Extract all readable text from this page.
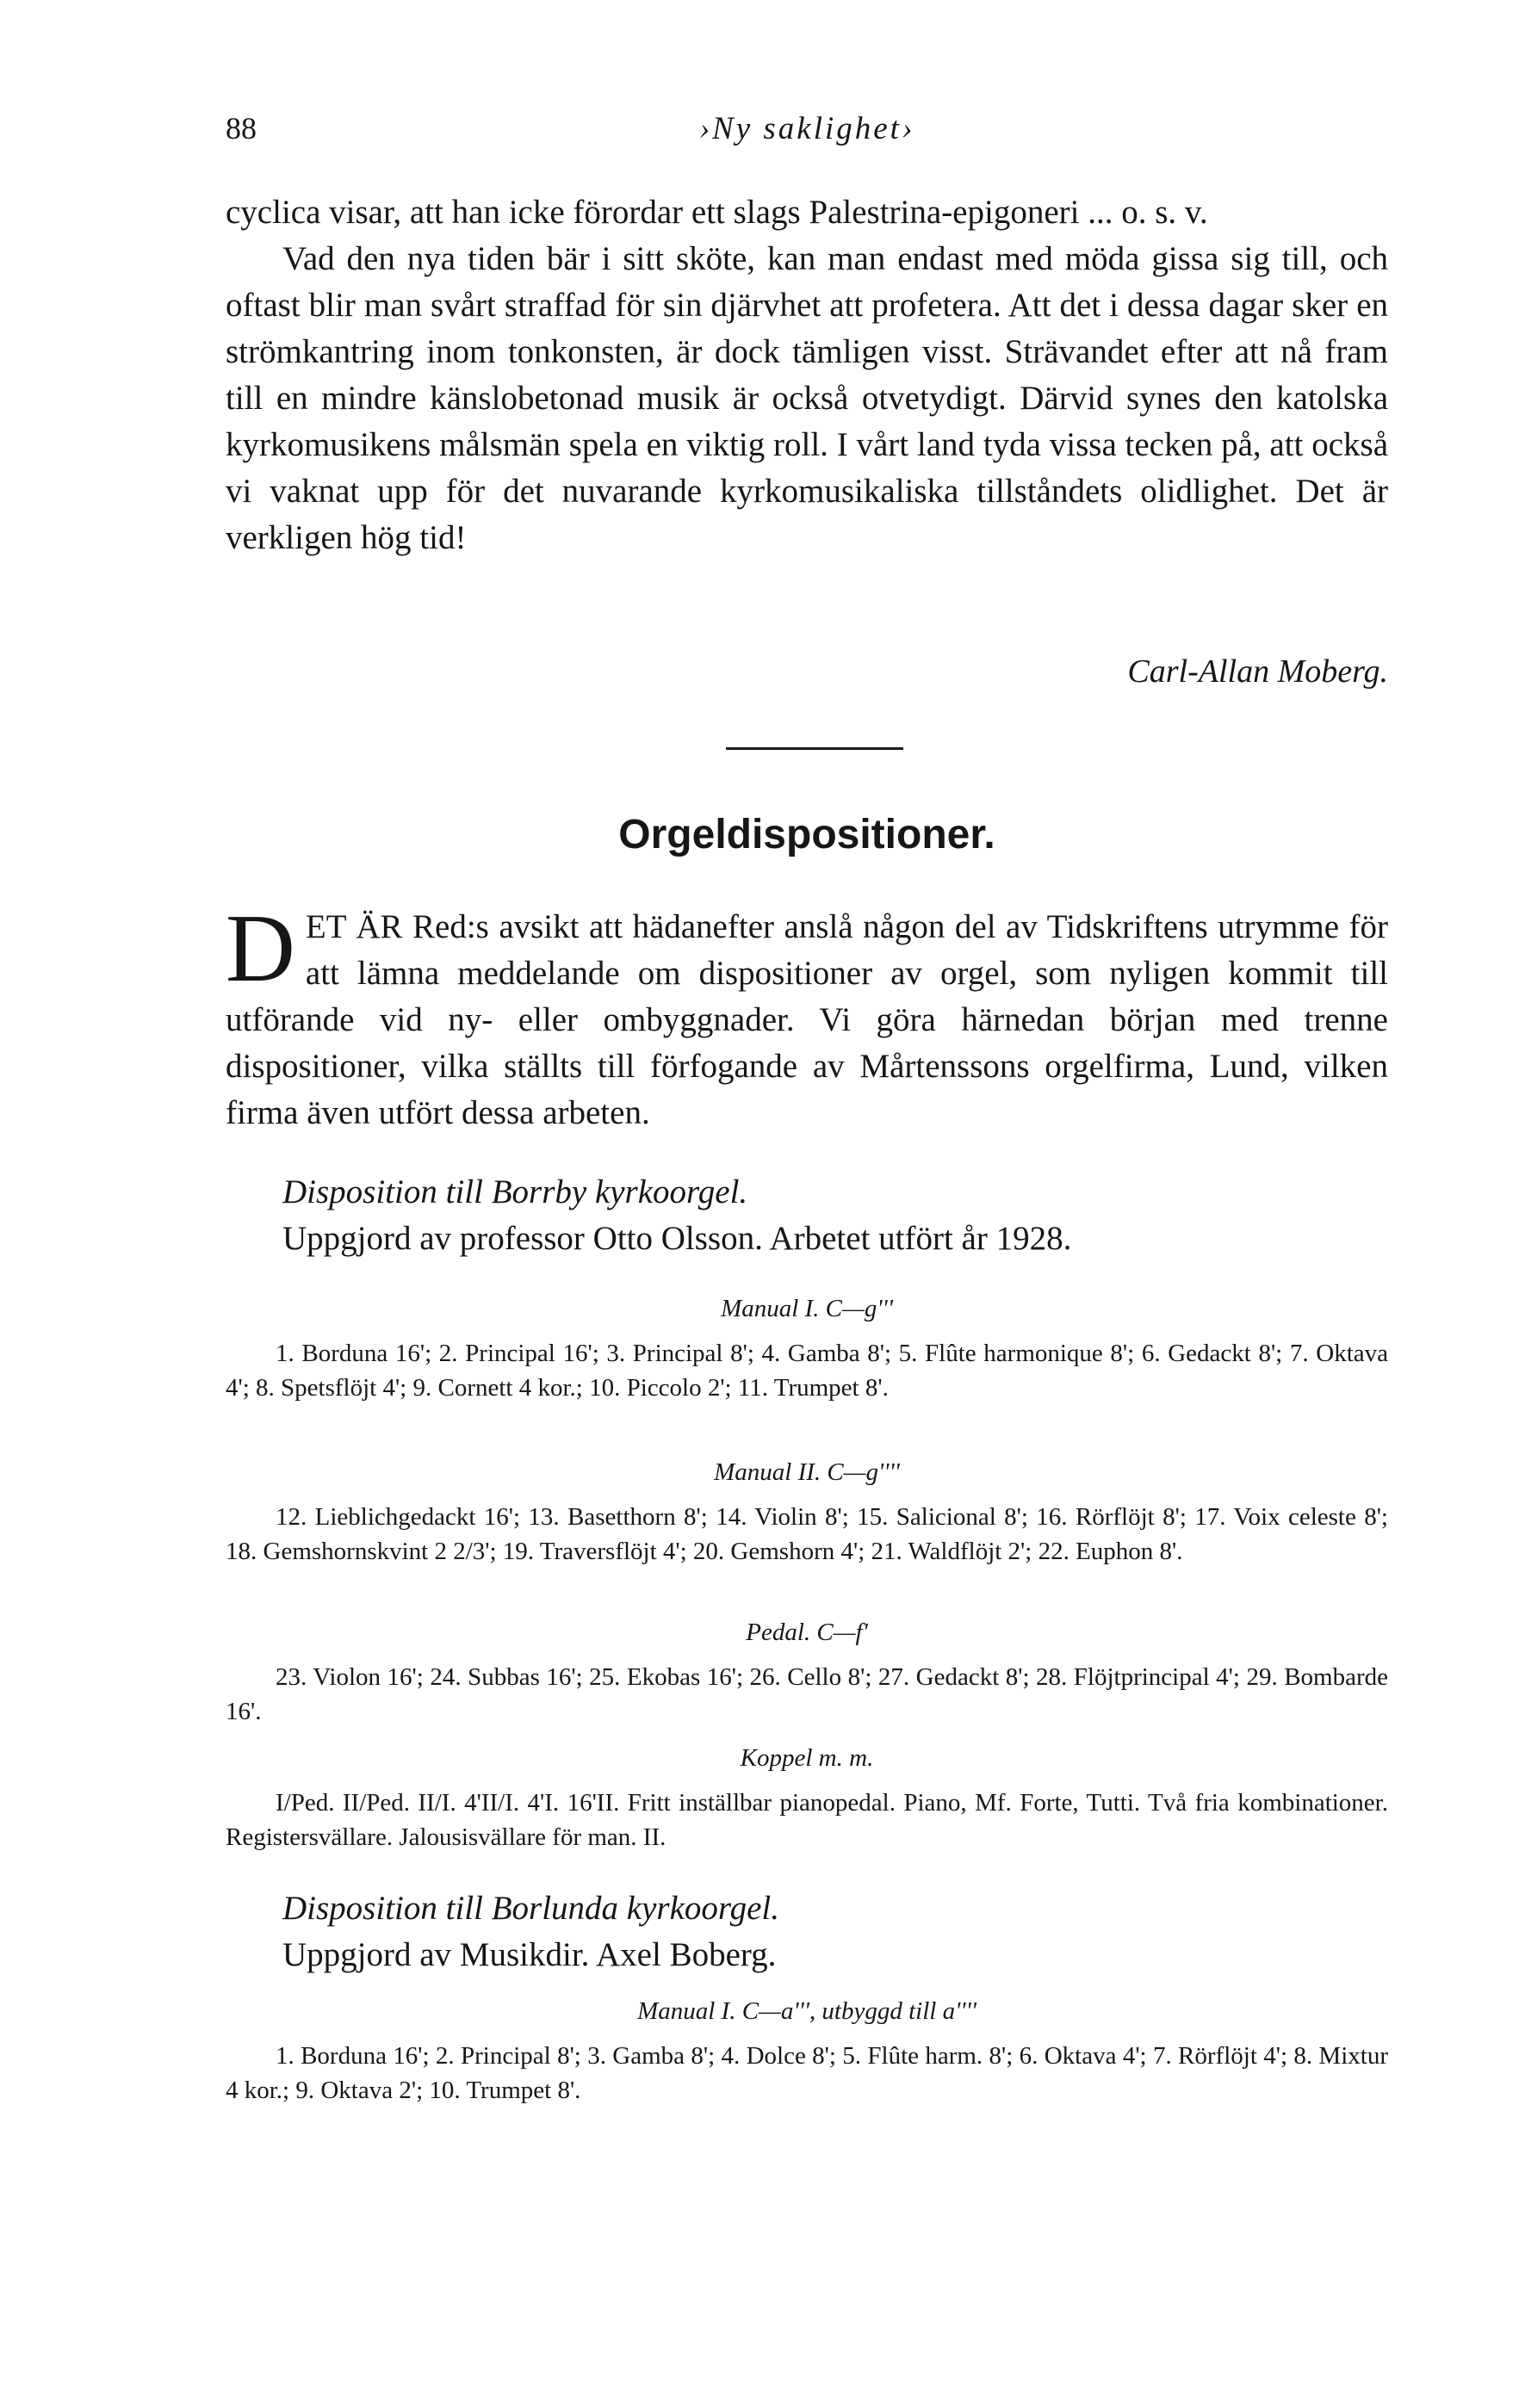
88	›Ny saklighet›

cyclica visar, att han icke förordar ett slags Palestrina-epigoneri ... o. s. v.

Vad den nya tiden bär i sitt sköte, kan man endast med möda gissa sig till, och oftast blir man svårt straffad för sin djärvhet att profetera. Att det i dessa dagar sker en strömkantring inom tonkonsten, är dock tämligen visst. Strävandet efter att nå fram till en mindre känslobetonad musik är också otvetydigt. Därvid synes den katolska kyrkomusikens målsmän spela en viktig roll. I vårt land tyda vissa tecken på, att också vi vaknat upp för det nuvarande kyrkomusikaliska tillståndets olidlighet. Det är verkligen hög tid!

Carl-Allan Moberg.
Orgeldispositioner.

DET ÄR Red:s avsikt att hädanefter anslå någon del av Tidskriftens utrymme för att lämna meddelande om dispositioner av orgel, som nyligen kommit till utförande vid ny- eller ombyggnader. Vi göra härnedan början med trenne dispositioner, vilka ställts till förfogande av Mårtenssons orgelfirma, Lund, vilken firma även utfört dessa arbeten.

Disposition till Borrby kyrkoorgel.
Uppgjord av professor Otto Olsson. Arbetet utfört år 1928.

Manual I. C—g'''

1. Borduna 16'; 2. Principal 16'; 3. Principal 8'; 4. Gamba 8'; 5. Flûte harmonique 8'; 6. Gedackt 8'; 7. Oktava 4'; 8. Spetsflöjt 4'; 9. Cornett 4 kor.; 10. Piccolo 2'; 11. Trumpet 8'.

Manual II. C—g''''

12. Lieblichgedackt 16'; 13. Basetthorn 8'; 14. Violin 8'; 15. Salicional 8'; 16. Rörflöjt 8'; 17. Voix celeste 8'; 18. Gemshornskvint 2 2/3'; 19. Traversflöjt 4'; 20. Gemshorn 4'; 21. Waldflöjt 2'; 22. Euphon 8'.

Pedal. C—f'

23. Violon 16'; 24. Subbas 16'; 25. Ekobas 16'; 26. Cello 8'; 27. Gedackt 8'; 28. Flöjtprincipal 4'; 29. Bombarde 16'.

Koppel m. m.

I/Ped. II/Ped. II/I. 4'II/I. 4'I. 16'II. Fritt inställbar pianopedal. Piano, Mf. Forte, Tutti. Två fria kombinationer. Registersvällare. Jalousisvällare för man. II.

Disposition till Borlunda kyrkoorgel.
Uppgjord av Musikdir. Axel Boberg.

Manual I. C—a''', utbyggd till a''''

1. Borduna 16'; 2. Principal 8'; 3. Gamba 8'; 4. Dolce 8'; 5. Flûte harm. 8'; 6. Oktava 4'; 7. Rörflöjt 4'; 8. Mixtur 4 kor.; 9. Oktava 2'; 10. Trumpet 8'.
